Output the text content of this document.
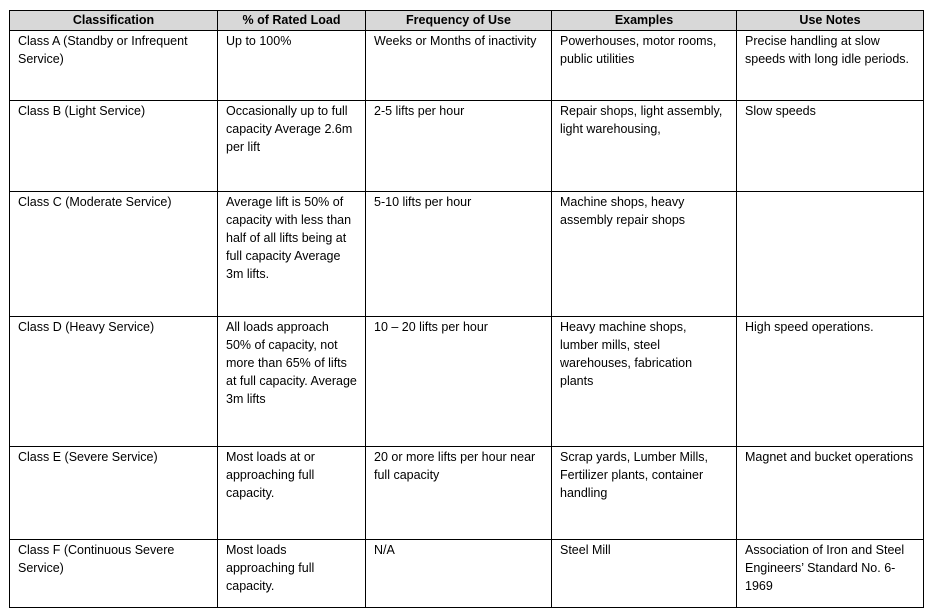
Classification	% of Rated Load	Frequency of Use	Examples	Use Notes
Class A (Standby or Infrequent Service)	Up to 100%	Weeks or Months of inactivity	Powerhouses, motor rooms, public utilities	Precise handling at slow speeds with long idle periods.
Class B (Light Service)	Occasionally up to full capacity Average 2.6m per lift	2-5 lifts per hour	Repair shops, light assembly, light warehousing,	Slow speeds
Class C (Moderate Service)	Average lift is 50% of capacity with less than half of all lifts being at full capacity Average 3m lifts.	5-10 lifts per hour	Machine shops, heavy assembly repair shops	
Class D (Heavy Service)	All loads approach 50% of capacity, not more than 65% of lifts at full capacity. Average 3m lifts	10 – 20 lifts per hour	Heavy machine shops, lumber mills, steel warehouses, fabrication plants	High speed operations.
Class E (Severe Service)	Most loads at or approaching full capacity.	20 or more lifts per hour near full capacity	Scrap yards, Lumber Mills, Fertilizer plants, container handling	Magnet and bucket operations
Class F (Continuous Severe Service)	Most loads approaching full capacity.	N/A	Steel Mill	Association of Iron and Steel Engineers’ Standard No. 6-1969
